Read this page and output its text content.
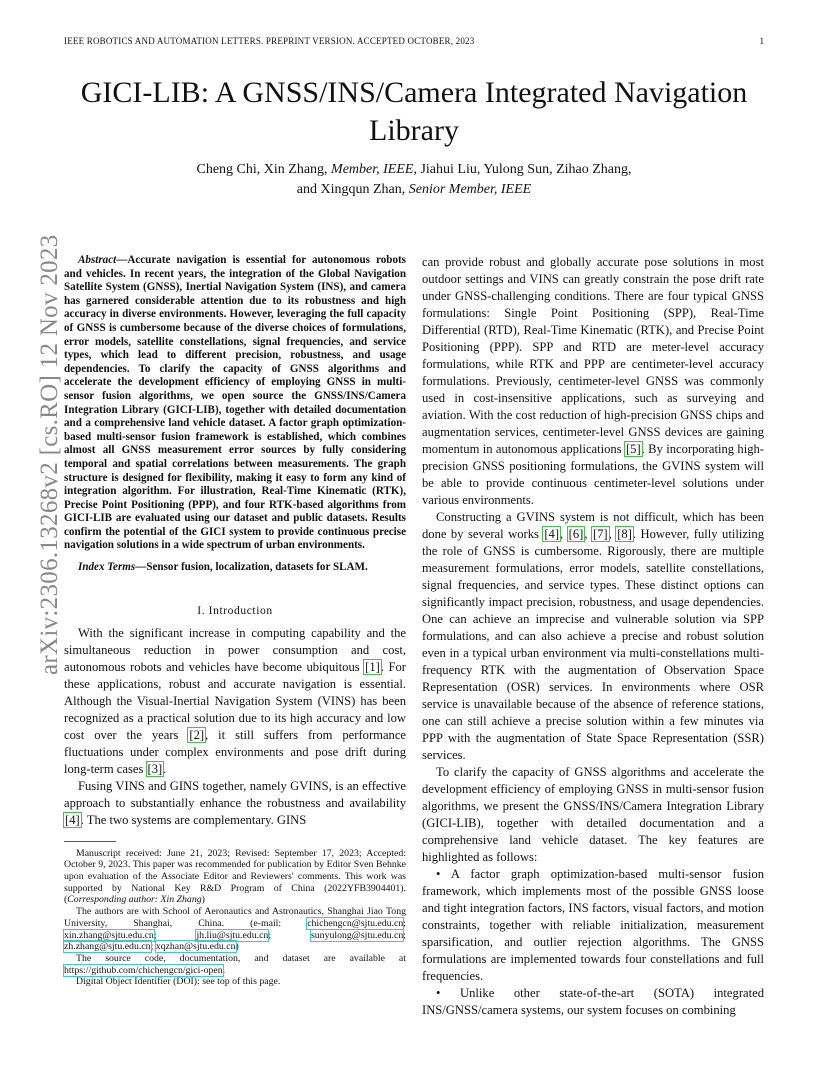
IEEE ROBOTICS AND AUTOMATION LETTERS. PREPRINT VERSION. ACCEPTED OCTOBER, 2023	1
arXiv:2306.13268v2 [cs.RO] 12 Nov 2023
GICI-LIB: A GNSS/INS/Camera Integrated Navigation Library
Cheng Chi, Xin Zhang, Member, IEEE, Jiahui Liu, Yulong Sun, Zihao Zhang,
and Xingqun Zhan, Senior Member, IEEE

Abstract—Accurate navigation is essential for autonomous robots and vehicles. In recent years, the integration of the Global Navigation Satellite System (GNSS), Inertial Navigation System (INS), and camera has garnered considerable attention due to its robustness and high accuracy in diverse environments. However, leveraging the full capacity of GNSS is cumbersome because of the diverse choices of formulations, error models, satellite constellations, signal frequencies, and service types, which lead to different precision, robustness, and usage dependencies. To clarify the capacity of GNSS algorithms and accelerate the development efficiency of employing GNSS in multi-sensor fusion algorithms, we open source the GNSS/INS/Camera Integration Library (GICI-LIB), together with detailed documentation and a comprehensive land vehicle dataset. A factor graph optimization-based multi-sensor fusion framework is established, which combines almost all GNSS measurement error sources by fully considering temporal and spatial correlations between measurements. The graph structure is designed for flexibility, making it easy to form any kind of integration algorithm. For illustration, Real-Time Kinematic (RTK), Precise Point Positioning (PPP), and four RTK-based algorithms from GICI-LIB are evaluated using our dataset and public datasets. Results confirm the potential of the GICI system to provide continuous precise navigation solutions in a wide spectrum of urban environments.

Index Terms—Sensor fusion, localization, datasets for SLAM.

I. Introduction

With the significant increase in computing capability and the simultaneous reduction in power consumption and cost, autonomous robots and vehicles have become ubiquitous [1]. For these applications, robust and accurate navigation is essential. Although the Visual-Inertial Navigation System (VINS) has been recognized as a practical solution due to its high accuracy and low cost over the years [2], it still suffers from performance fluctuations under complex environments and pose drift during long-term cases [3].

Fusing VINS and GINS together, namely GVINS, is an effective approach to substantially enhance the robustness and availability [4]. The two systems are complementary. GINS

Manuscript received: June 21, 2023; Revised: September 17, 2023; Accepted: October 9, 2023. This paper was recommended for publication by Editor Sven Behnke upon evaluation of the Associate Editor and Reviewers' comments. This work was supported by National Key R&D Program of China (2022YFB3904401). (Corresponding author: Xin Zhang)

The authors are with School of Aeronautics and Astronautics, Shanghai Jiao Tong University, Shanghai, China. (e-mail: chichengcn@sjtu.edu.cn; xin.zhang@sjtu.edu.cn; jh.liu@sjtu.edu.cn; sunyulong@sjtu.edu.cn; zh.zhang@sjtu.edu.cn; xqzhan@sjtu.edu.cn)

The source code, documentation, and dataset are available at https://github.com/chichengcn/gici-open.

Digital Object Identifier (DOI): see top of this page.

can provide robust and globally accurate pose solutions in most outdoor settings and VINS can greatly constrain the pose drift rate under GNSS-challenging conditions. There are four typical GNSS formulations: Single Point Positioning (SPP), Real-Time Differential (RTD), Real-Time Kinematic (RTK), and Precise Point Positioning (PPP). SPP and RTD are meter-level accuracy formulations, while RTK and PPP are centimeter-level accuracy formulations. Previously, centimeter-level GNSS was commonly used in cost-insensitive applications, such as surveying and aviation. With the cost reduction of high-precision GNSS chips and augmentation services, centimeter-level GNSS devices are gaining momentum in autonomous applications [5]. By incorporating high-precision GNSS positioning formulations, the GVINS system will be able to provide continuous centimeter-level solutions under various environments.

Constructing a GVINS system is not difficult, which has been done by several works [4], [6], [7], [8]. However, fully utilizing the role of GNSS is cumbersome. Rigorously, there are multiple measurement formulations, error models, satellite constellations, signal frequencies, and service types. These distinct options can significantly impact precision, robustness, and usage dependencies. One can achieve an imprecise and vulnerable solution via SPP formulations, and can also achieve a precise and robust solution even in a typical urban environment via multi-constellations multi-frequency RTK with the augmentation of Observation Space Representation (OSR) services. In environments where OSR service is unavailable because of the absence of reference stations, one can still achieve a precise solution within a few minutes via PPP with the augmentation of State Space Representation (SSR) services.

To clarify the capacity of GNSS algorithms and accelerate the development efficiency of employing GNSS in multi-sensor fusion algorithms, we present the GNSS/INS/Camera Integration Library (GICI-LIB), together with detailed documentation and a comprehensive land vehicle dataset. The key features are highlighted as follows:

• A factor graph optimization-based multi-sensor fusion framework, which implements most of the possible GNSS loose and tight integration factors, INS factors, visual factors, and motion constraints, together with reliable initialization, measurement sparsification, and outlier rejection algorithms. The GNSS formulations are implemented towards four constellations and full frequencies.

• Unlike other state-of-the-art (SOTA) integrated INS/GNSS/camera systems, our system focuses on combining
